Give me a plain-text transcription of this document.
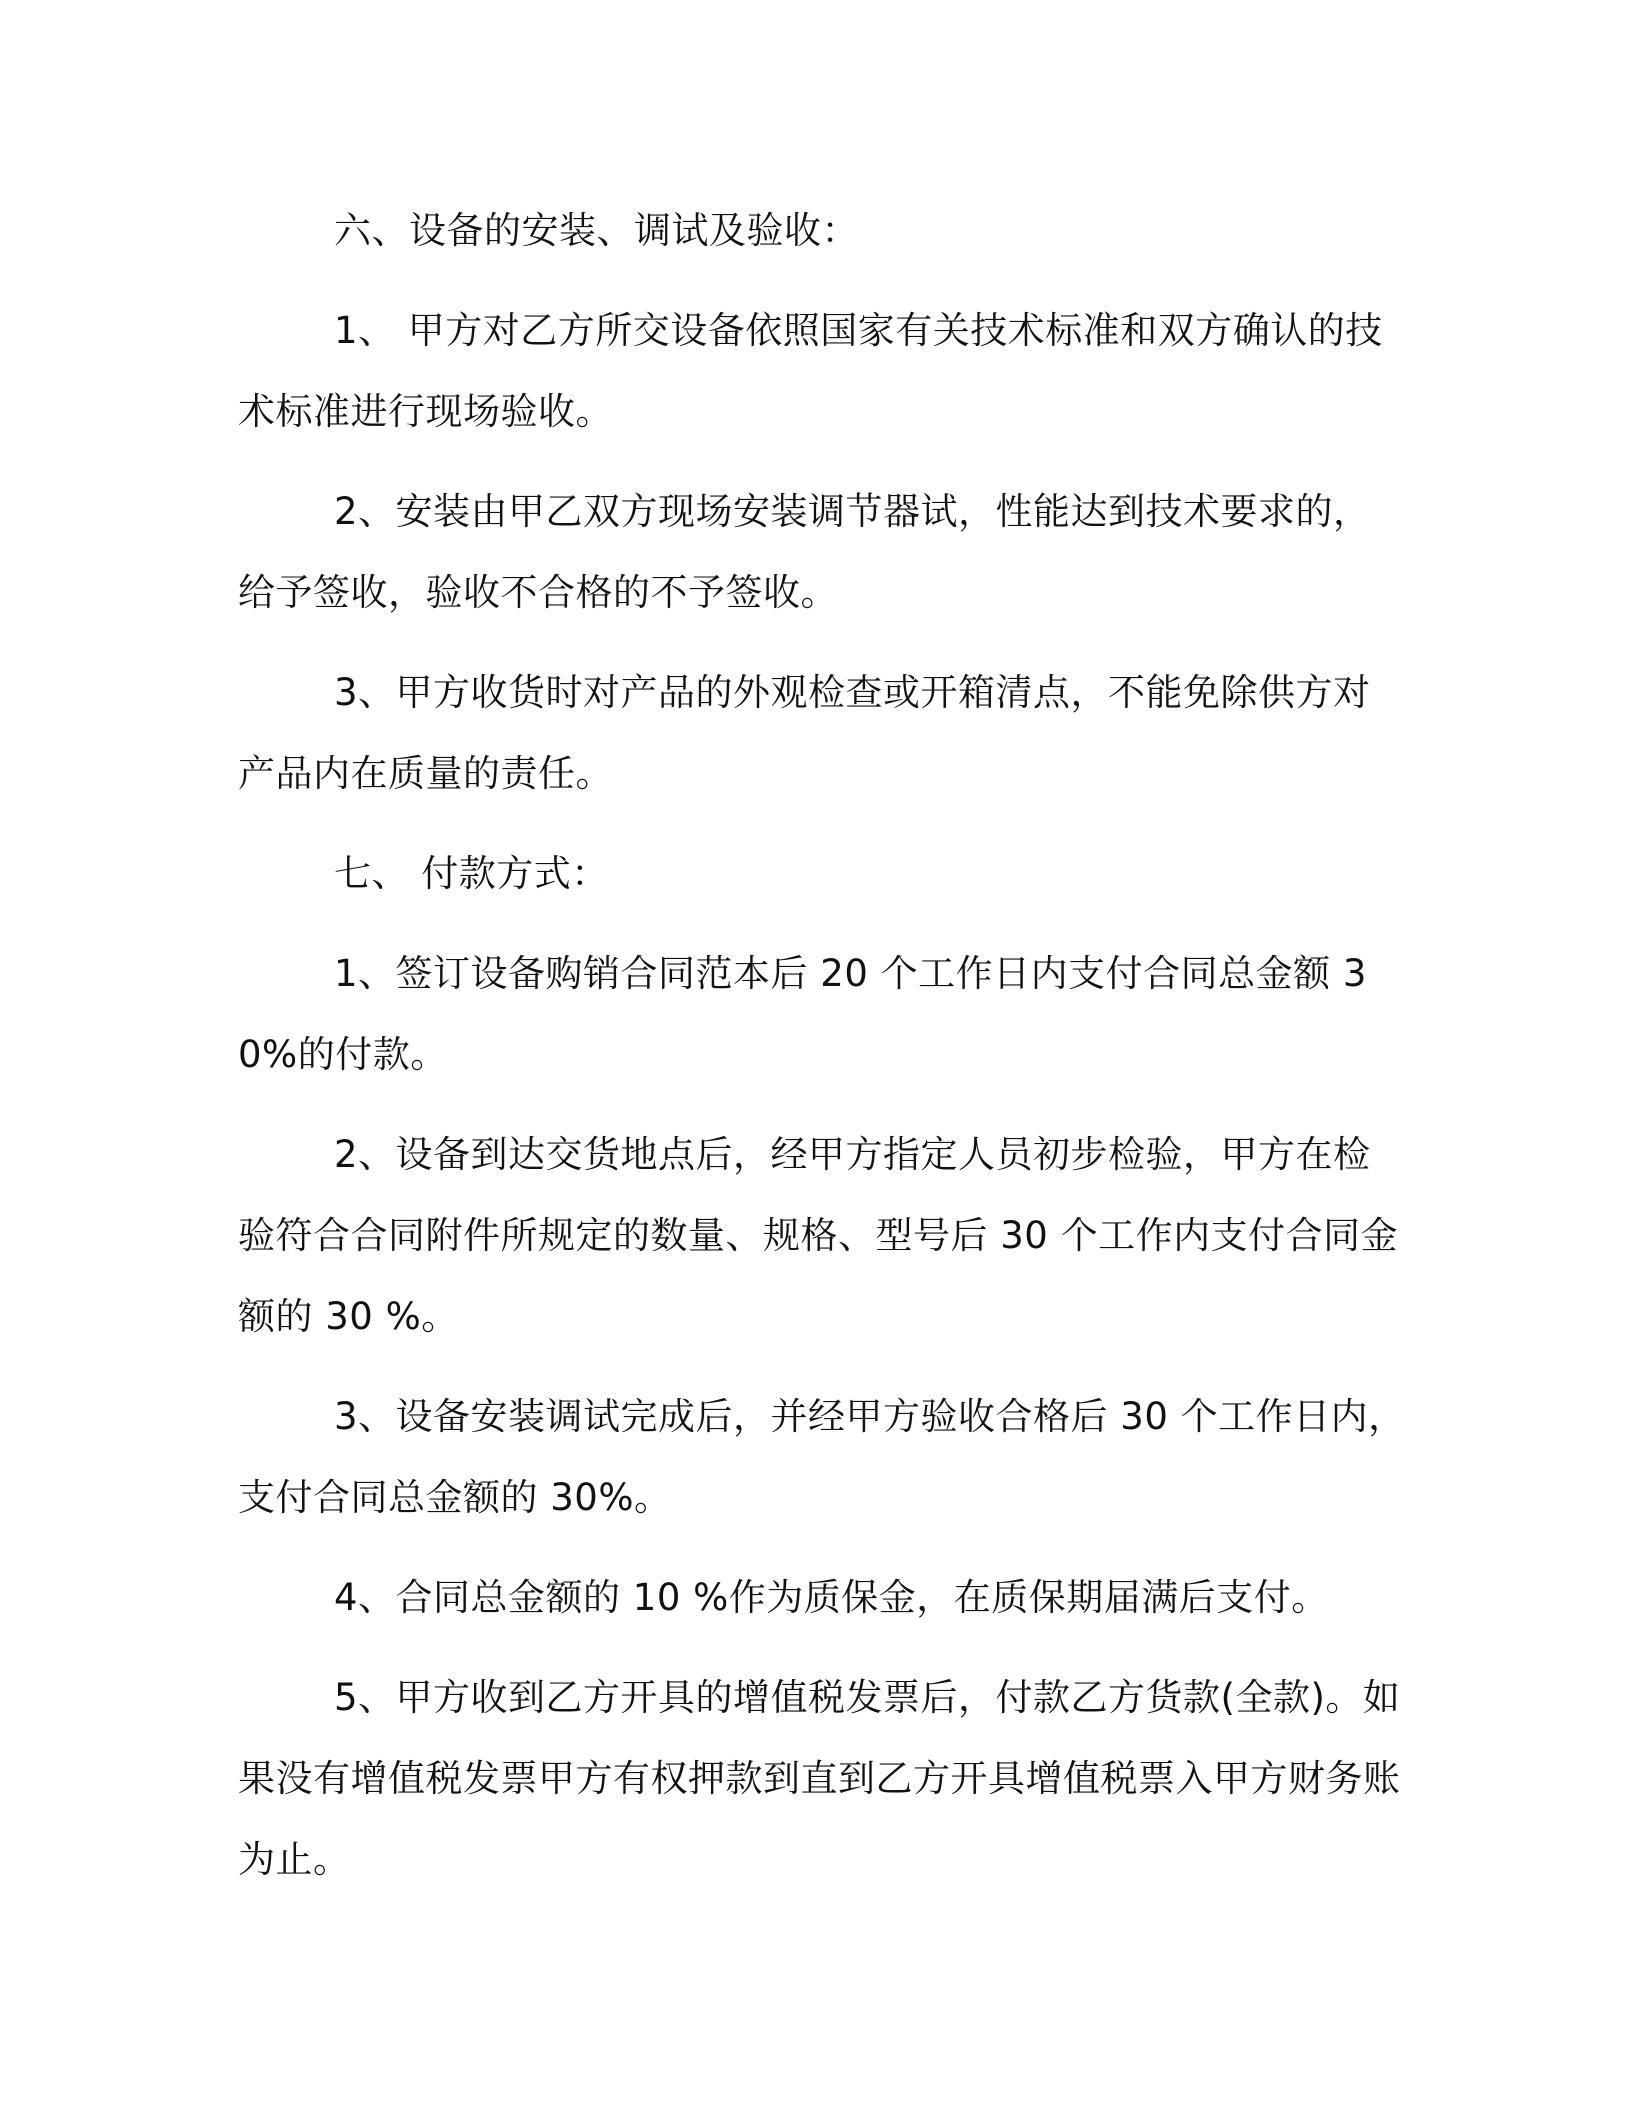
六、设备的安装、调试及验收：

1、 甲方对乙方所交设备依照国家有关技术标准和双方确认的技术标准进行现场验收。

2、安装由甲乙双方现场安装调节器试，性能达到技术要求的，给予签收，验收不合格的不予签收。

3、甲方收货时对产品的外观检查或开箱清点，不能免除供方对产品内在质量的责任。

七、 付款方式：

1、签订设备购销合同范本后 20 个工作日内支付合同总金额 30%的付款。

2、设备到达交货地点后，经甲方指定人员初步检验，甲方在检验符合合同附件所规定的数量、规格、型号后 30 个工作内支付合同金额的 30 %。

3、设备安装调试完成后，并经甲方验收合格后 30 个工作日内，支付合同总金额的 30%。

4、合同总金额的 10 %作为质保金，在质保期届满后支付。

5、甲方收到乙方开具的增值税发票后，付款乙方货款(全款)。如果没有增值税发票甲方有权押款到直到乙方开具增值税票入甲方财务账为止。
